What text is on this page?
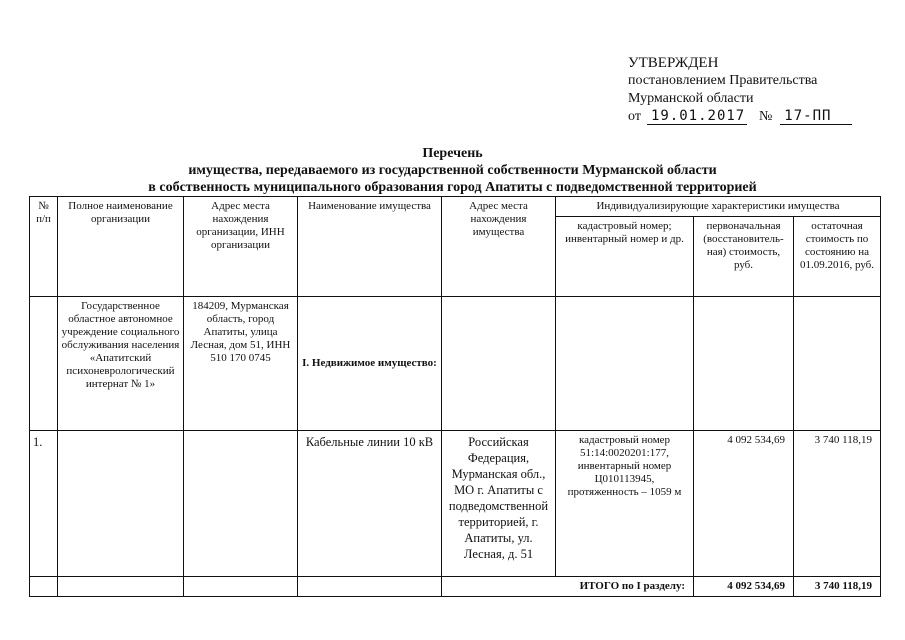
УТВЕРЖДЕН
постановлением Правительства
Мурманской области
от 19.01.2017 № 17-ПП
Перечень
имущества, передаваемого из государственной собственности Мурманской области
в собственность муниципального образования город Апатиты с подведомственной территорией
№ п/п	Полное наименование организации	Адрес места нахождения организации, ИНН организации	Наименование имущества	Адрес места нахождения имущества	Индивидуализирующие характеристики имущества		
					кадастровый номер; инвентарный номер и др.	первоначальная (восстановитель-ная) стоимость, руб.	остаточная стоимость по состоянию на 01.09.2016, руб.
	Государственное областное автономное учреждение социального обслуживания населения «Апатитский психоневрологический интернат № 1»	184209, Мурманская область, город Апатиты, улица Лесная, дом 51, ИНН 510 170 0745	I. Недвижимое имущество:				
1.			Кабельные линии 10 кВ	Российская Федерация, Мурманская обл., МО г. Апатиты с подведомственной территорией, г. Апатиты, ул. Лесная, д. 51	кадастровый номер 51:14:0020201:177, инвентарный номер Ц010113945, протяженность – 1059 м	4 092 534,69	3 740 118,19
				ИТОГО по I разделу:		4 092 534,69	3 740 118,19
